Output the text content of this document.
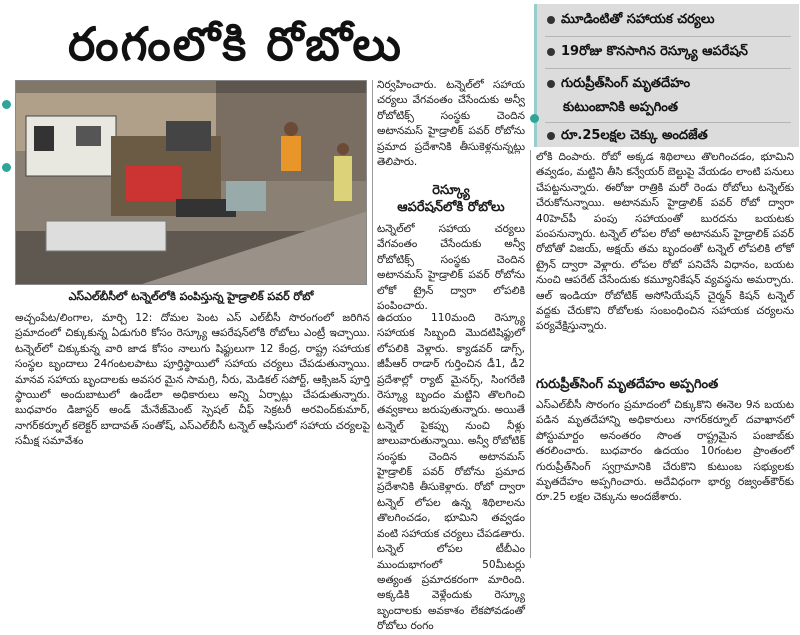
రంగంలోకి రోబోలు	మూడింటితో సహాయక చర్యలు
19రోజు కొనసాగిన రెస్క్యూ ఆపరేషన్
గురుప్రీత్‌సింగ్ మృతదేహం
కుటుంబానికి అప్పగింత
రూ.25లక్షల చెక్కు అందజేత
ఎస్ఎల్‌బీసీలో టన్నెల్‌లోకి పంపిస్తున్న హైడ్రాలిక్ పవర్ రోబో

అచ్చంపేట/లింగాల, మార్చి 12: దోమల పెంట ఎస్ ఎల్‌బీసీ సొరంగంలో జరిగిన ప్రమాదంలో చిక్కుకున్న ఏడుగురి కోసం రెస్క్యూ ఆపరేషన్‌లోకి రోబోలు ఎంట్రీ ఇచ్చాయి. టన్నెల్‌లో చిక్కుకున్న వారి జాడ కోసం నాలుగు షిఫ్టులుగా 12 కేంద్ర, రాష్ట్ర సహాయక సంస్థల బృందాలు 24గంటలపాటు పూర్తిస్థాయిలో సహాయ చర్యలు చేపడుతున్నాయి. మానవ సహాయ బృందాలకు అవసర మైన సామగ్రి, నీరు, మెడికల్ సపోర్ట్, ఆక్సిజన్ పూర్తి స్థాయిలో అందుబాటులో ఉండేలా అధికారులు అన్ని ఏర్పాట్లు చేపడుతున్నారు. బుధవారం డిజాస్టర్ అండ్ మేనేజ్‌మెంట్ స్పెషల్ చీఫ్ సెక్రటరీ అరవింద్‌కుమార్, నాగర్‌కర్నూల్ కలెక్టర్ బాదావత్ సంతోష్, ఎస్ఎల్‌బీసీ టన్నెల్ ఆఫీసులో సహాయ చర్యలపై సమీక్ష సమావేశం

నిర్వహించారు. టన్నెల్‌లో సహాయ చర్యలు వేగవంతం చేసేందుకు అన్వీ రోబోటిక్స్ సంస్థకు చెందిన అటానమస్ హైడ్రాలిక్ పవర్ రోబోను ప్రమాద ప్రదేశానికి తీసుకెళ్లనున్నట్లు తెలిపారు.

రెస్క్యూ
ఆపరేషన్‌లోకి రోబోలు

టన్నెల్‌లో సహాయ చర్యలు వేగవంతం చేసేందుకు అన్వీ రోబోటిక్స్ సంస్థకు చెందిన అటానమస్ హైడ్రాలిక్ పవర్ రోబోను లోకో ట్రైన్ ద్వారా లోపలికి పంపించారు.

ఉదయం 110మంది రెస్క్యూ సహాయక సిబ్బంది మొదటిషిఫ్టులో లోపలికి వెళ్లారు. క్యాడవర్ డాగ్స్, జీపీఆర్ రాడార్ గుర్తించిన డీ1, డీ2 ప్రదేశాల్లో ర్యాట్ మైనర్స్, సింగరేణి రెస్క్యూ బృందం మట్టిని తొలగించి తవ్వకాలు జరుపుతున్నారు. అయితే టన్నెల్ పైకప్పు నుంచి నీళ్లు జాలువారుతున్నాయి. అన్వీ రోబోటిక్ సంస్థకు చెందిన అటానమస్ హైడ్రాలిక్ పవర్ రోబోను ప్రమాద ప్రదేశానికి తీసుకెళ్లారు. రోబో ద్వారా టన్నెల్ లోపల ఉన్న శిథిలాలను తొలగించడం, భూమిని తవ్వడం వంటి సహాయక చర్యలు చేపడతారు. టన్నెల్ లోపల టీబీఎం ముందుభాగంలో 50మీటర్లు అత్యంత ప్రమాదకరంగా మారింది. అక్కడికి వెళ్లేందుకు రెస్క్యూ బృందాలకు అవకాశం లేకపోవడంతో రోబోలు రంగం

లోకి దింపారు. రోబో అక్కడ శిథిలాలు తొలగించడం, భూమిని తవ్వడం, మట్టిని తీసి కన్వేయర్ బెల్టుపై వేయడం లాంటి పనులు చేపట్టనున్నారు. ఈరోజు రాత్రికి మరో రెండు రోబోలు టన్నెల్‌కు చేరుకోనున్నాయి. అటానమస్ హైడ్రాలిక్ పవర్ రోబో ద్వారా 40హెచ్‌పీ పంపు సహాయంతో బురదను బయటకు పంపనున్నారు. టన్నెల్ లోపల రోబో అటానమస్ హైడ్రాలిక్ పవర్ రోబోతో విజయ్, అక్షయ్ తమ బృందంతో టన్నెల్ లోపలికి లోకో ట్రైన్ ద్వారా వెళ్లారు. లోపల రోబో పనిచేసే విధానం, బయట నుంచి ఆపరేట్ చేసేందుకు కమ్యూనికేషన్ వ్యవస్థను అమర్చారు. ఆల్ ఇండియా రోబోటిక్ అసోసియేషన్ చైర్మన్ కిషన్ టన్నెల్ వద్దకు చేరుకొని రోబోలకు సంబంధించిన సహాయక చర్యలను పర్యవేక్షిస్తున్నారు.

గురుప్రీత్‌సింగ్ మృతదేహం అప్పగింత

ఎస్ఎల్‌బీసీ సొరంగం ప్రమాదంలో చిక్కుకొని ఈనెల 9న బయట పడిన మృతదేహాన్ని అధికారులు నాగర్‌కర్నూల్ దవాఖానలో పోస్టుమార్టం అనంతరం సొంత రాష్ట్రమైన పంజాబ్‌కు తరలించారు. బుధవారం ఉదయం 10గంటల ప్రాంతంలో గురుప్రీత్‌సింగ్ స్వగ్రామానికి చేరుకొని కుటుంబ సభ్యులకు మృతదేహం అప్పగించారు. అదేవిధంగా భార్య రజ్వంత్‌కౌర్‌కు రూ.25 లక్షల చెక్కును అందజేశారు.
